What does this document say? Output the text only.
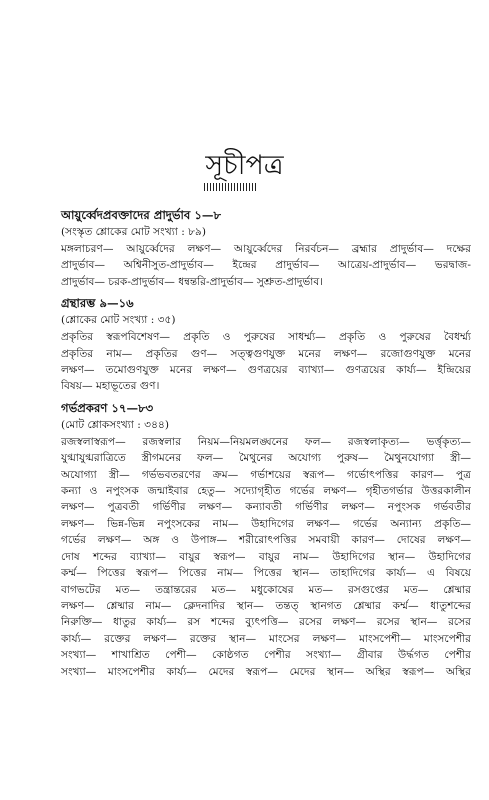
সূচীপত্র
আয়ুর্ব্বেদপ্রবক্তাদের প্রাদুর্ভাব ১—৮
(সংস্কৃত শ্লোকের মোট সংখ্যা : ৮৯)

মঙ্গলাচরণ— আয়ুর্ব্বেদের লক্ষণ— আয়ুর্ব্বেদের নিরর্বচন— ব্রহ্মার প্রাদুর্ভাব— দক্ষের

প্রাদুর্ভাব— অশ্বিনীসুত-প্রাদুর্ভাব— ইন্দ্রের প্রাদুর্ভাব— আত্রেয়-প্রাদুর্ভাব— ভরদ্বাজ-

প্রাদুর্ভাব— চরক-প্রাদুর্ভাব— ধন্বন্তরি-প্রাদুর্ভাব— সুশ্রুত-প্রাদুর্ভাব।

গ্রন্থারম্ভ ৯—১৬
(শ্লোকের মোট সংখ্যা : ৩৫)

প্রকৃতির স্বরূপবিশেষণ— প্রকৃতি ও পুরুষের সাধর্ম্ম্য— প্রকৃতি ও পুরুষের বৈধর্ম্ম্য

প্রকৃতির নাম— প্রকৃতির গুণ— সত্ত্বগুণযুক্ত মনের লক্ষণ— রজোগুণযুক্ত মনের

লক্ষণ— তমোগুণযুক্ত মনের লক্ষণ— গুণত্রয়ের ব্যাখ্যা— গুণত্রয়ের কার্য্য— ইন্দ্রিয়ের

বিষয়— মহাভূতের গুণ।

গর্ভপ্রকরণ ১৭—৮৩
(মোট শ্লোকসংখ্যা : ৩৪৪)

রজস্বলাস্বরূপ— রজস্বলার নিয়ম—নিয়মলঙ্ঘনের ফল— রজস্বলাকৃত্য— ভর্ত্তৃকৃত্য—

যুগ্মাযুগ্মরাত্রিতে স্ত্রীগমনের ফল— মৈথুনের অযোগ্য পুরুষ— মৈথুনযোগ্যা স্ত্রী—

অযোগ্যা স্ত্রী— গর্ভভবতরণের ক্রম— গর্ভাশয়ের স্বরূপ— গর্ভোৎপত্তির কারণ— পুত্র

কন্যা ও নপুংসক জন্মাইবার হেতু— সদ্যোগৃহীত গর্ভের লক্ষণ— গৃহীতগর্ভার উত্তরকালীন

লক্ষণ— পুত্রবতী গর্ভিণীর লক্ষণ— কন্যাবতী গর্ভিণীর লক্ষণ— নপুংসক গর্ভবতীর

লক্ষণ— ভিন্ন-ভিন্ন নপুংসকের নাম— উহাদিগের লক্ষণ— গর্ভের অন্যান্য প্রকৃতি—

গর্ভের লক্ষণ— অঙ্গ ও উপাঙ্গ— শরীরোৎপত্তির সমবায়ী কারণ— দোষের লক্ষণ—

দোষ শব্দের ব্যাখ্যা— বায়ুর স্বরূপ— বায়ুর নাম— উহাদিগের স্থান— উহাদিগের

কর্ম্ম— পিত্তের স্বরূপ— পিত্তের নাম— পিত্তের স্থান— তাহাদিগের কার্য্য— এ বিষয়ে

বাগভটের মত— তন্ত্রান্তরের মত— মধুকোষের মত— রসগুপ্তের মত— শ্লেষ্মার

লক্ষণ— শ্লেষ্মার নাম— ক্লেদনাদির স্থান— তন্তত্ স্থানগত শ্লেষ্মার কর্ম্ম— ধাতুশব্দের

নিরুক্তি— ধাতুর কার্য্য— রস শব্দের ব্যুৎপত্তি— রসের লক্ষণ— রসের স্থান— রসের

কার্য্য— রক্তের লক্ষণ— রক্তের স্থান— মাংসের লক্ষণ— মাংসপেশী— মাংসপেশীর

সংখ্যা— শাখাশ্রিত পেশী— কোষ্ঠগত পেশীর সংখ্যা— গ্রীবার উর্দ্ধগত পেশীর

সংখ্যা— মাংসপেশীর কার্য্য— মেদের স্বরূপ— মেদের স্থান— অস্থির স্বরূপ— অস্থির
